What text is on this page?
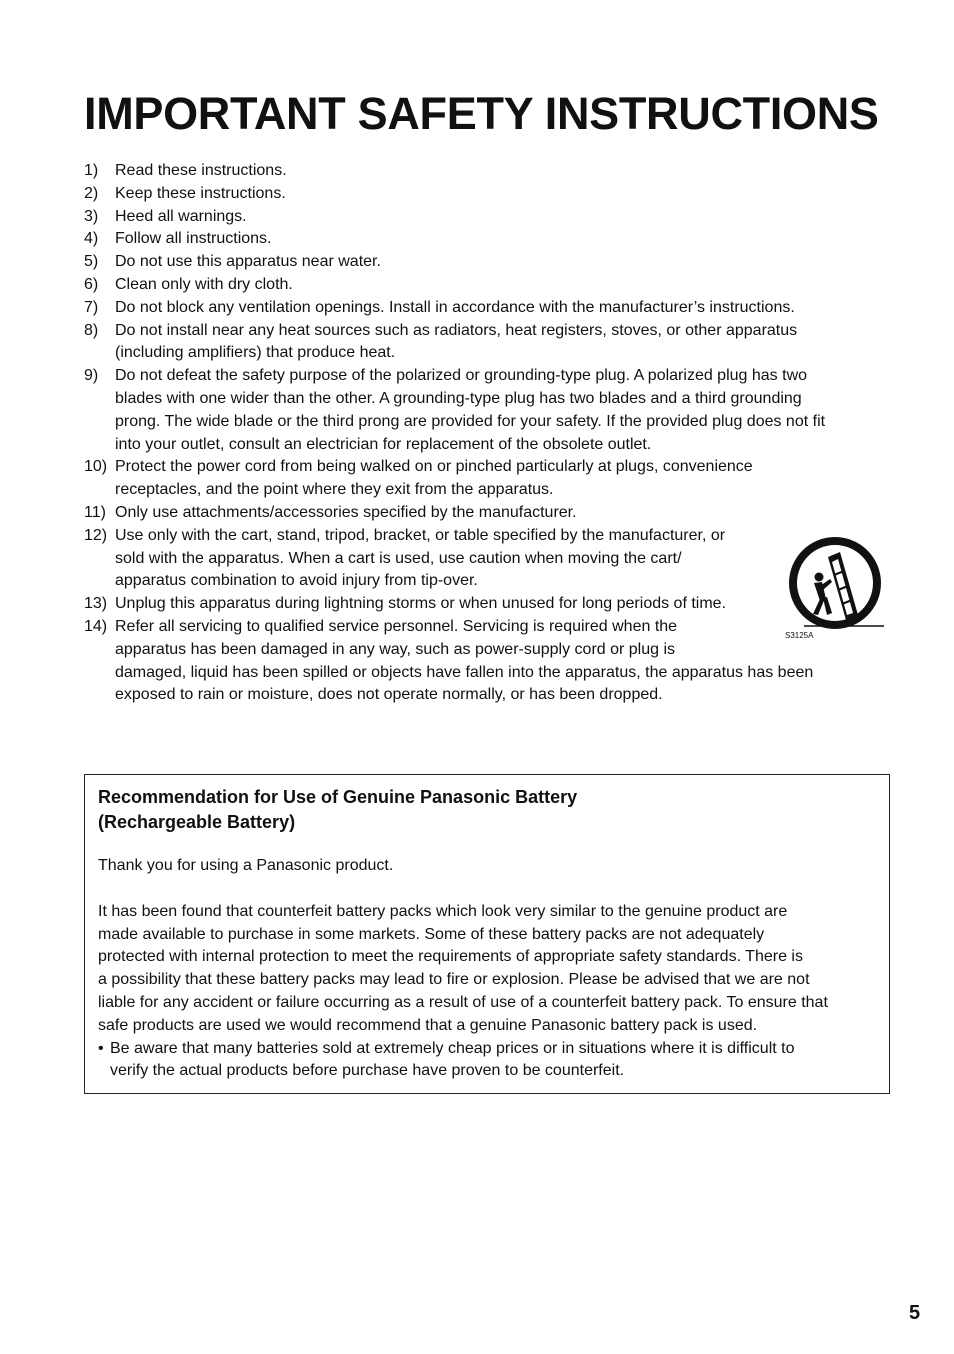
IMPORTANT SAFETY INSTRUCTIONS
1) Read these instructions.
2) Keep these instructions.
3) Heed all warnings.
4) Follow all instructions.
5) Do not use this apparatus near water.
6) Clean only with dry cloth.
7) Do not block any ventilation openings. Install in accordance with the manufacturer’s instructions.
8) Do not install near any heat sources such as radiators, heat registers, stoves, or other apparatus
(including amplifiers) that produce heat.
9) Do not defeat the safety purpose of the polarized or grounding-type plug. A polarized plug has two
blades with one wider than the other. A grounding-type plug has two blades and a third grounding
prong. The wide blade or the third prong are provided for your safety. If the provided plug does not fit
into your outlet, consult an electrician for replacement of the obsolete outlet.
10) Protect the power cord from being walked on or pinched particularly at plugs, convenience
receptacles, and the point where they exit from the apparatus.
11) Only use attachments/accessories specified by the manufacturer.
12) Use only with the cart, stand, tripod, bracket, or table specified by the manufacturer, or
sold with the apparatus. When a cart is used, use caution when moving the cart/
apparatus combination to avoid injury from tip-over.
13) Unplug this apparatus during lightning storms or when unused for long periods of time.
14) Refer all servicing to qualified service personnel. Servicing is required when the
apparatus has been damaged in any way, such as power-supply cord or plug is
damaged, liquid has been spilled or objects have fallen into the apparatus, the apparatus has been
exposed to rain or moisture, does not operate normally, or has been dropped.
S3125A
Recommendation for Use of Genuine Panasonic Battery
(Rechargeable Battery)

Thank you for using a Panasonic product.

It has been found that counterfeit battery packs which look very similar to the genuine product are
made available to purchase in some markets. Some of these battery packs are not adequately
protected with internal protection to meet the requirements of appropriate safety standards. There is
a possibility that these battery packs may lead to fire or explosion. Please be advised that we are not
liable for any accident or failure occurring as a result of use of a counterfeit battery pack. To ensure that
safe products are used we would recommend that a genuine Panasonic battery pack is used.

• Be aware that many batteries sold at extremely cheap prices or in situations where it is difficult to
verify the actual products before purchase have proven to be counterfeit.

5
